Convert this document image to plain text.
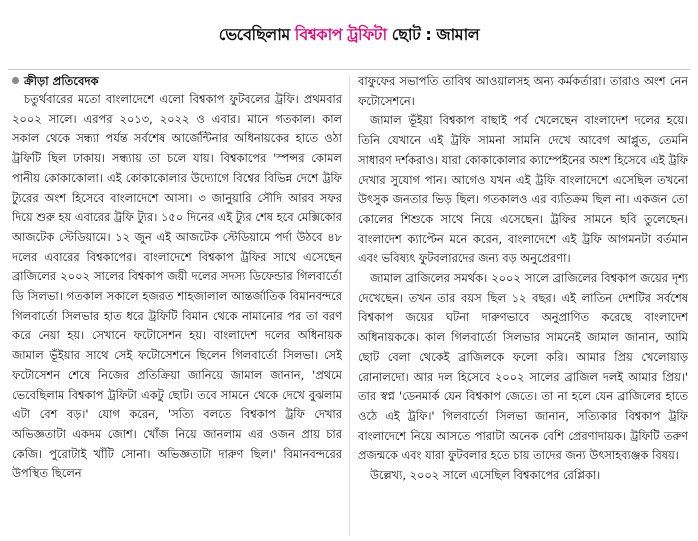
ভেবেছিলাম বিশ্বকাপ ট্রফিটা ছোট : জামাল
ক্রীড়া প্রতিবেদক

চতুর্থবারের মতো বাংলাদেশে এলো বিশ্বকাপ ফুটবলের ট্রফি। প্রথমবার ২০০২ সালে। এরপর ২০১৩, ২০২২ ও এবার। মানে গতকাল। কাল সকাল থেকে সন্ধ্যা পর্যন্ত সর্বশেষ আর্জেন্টিনার অধিনায়কের হাতে ওঠা ট্রফিটি ছিল ঢাকায়। সন্ধ্যায় তা চলে যায়। বিশ্বকাপের 'স্পন্সর কোমল পানীয় কোকাকোলা। এই কোকাকোলার উদ্যোগে বিশ্বের বিভিন্ন দেশে ট্রফি ট্যুরের অংশ হিসেবে বাংলাদেশে আসা। ৩ জানুয়ারি সৌদি আরব সফর দিয়ে শুরু হয় এবারের ট্রফি ট্যুর। ১৫০ দিনের এই ট্যুর শেষ হবে মেক্সিকোর আজটেক স্টেডিয়ামে। ১২ জুন এই আজটেক স্টেডিয়ামে পর্দা উঠবে ৪৮ দলের এবারের বিশ্বকাপের। বাংলাদেশে বিশ্বকাপ ট্রফির সাথে এসেছেন ব্রাজিলের ২০০২ সালের বিশ্বকাপ জয়ী দলের সদস্য ডিফেন্ডার গিলবার্তো ডি সিলভা। গতকাল সকালে হজরত শাহজালাল আন্তর্জাতিক বিমানবন্দরে গিলবার্তো সিলভার হাত ধরে ট্রফিটি বিমান থেকে নামানোর পর তা বরণ করে নেয়া হয়। সেখানে ফটোসেশন হয়। বাংলাদেশ দলের অধিনায়ক জামাল ভূঁইয়ার সাথে সেই ফটোসেশনে ছিলেন গিলবার্তো সিলভা। সেই ফটোসেশন শেষে নিজের প্রতিক্রিয়া জানিয়ে জামাল জানান, 'প্রথমে ভেবেছিলাম বিশ্বকাপ ট্রফিটা একটু ছোট। তবে সামনে থেকে দেখে বুঝলাম এটা বেশ বড়।' যোগ করেন, 'সত্যি বলতে বিশ্বকাপ ট্রফি দেখার অভিজ্ঞতাটা একদম জোশ। খোঁজ নিয়ে জানলাম এর ওজন প্রায় চার কেজি। পুরোটাই খাঁটি সোনা। অভিজ্ঞতাটা দারুণ ছিল।' বিমানবন্দরের উপস্থিত ছিলেন

বাফুফের সভাপতি তাবিথ আওয়ালসহ অন্য কর্মকর্তারা। তারাও অংশ নেন ফটোসেশনে।

জামাল ভূঁইয়া বিশ্বকাপ বাছাই পর্ব খেলেছেন বাংলাদেশ দলের হয়ে। তিনি যেখানে এই ট্রফি সামনা সামনি দেখে আবেগ আপ্লুত, তেমনি সাধারণ দর্শকরাও। যারা কোকাকোলার ক্যাম্পেইনের অংশ হিসেবে এই ট্রফি দেখার সুযোগ পান। আগেও যখন এই ট্রফি বাংলাদেশে এসেছিল তখনো উৎসুক জনতার ভিড় ছিল। গতকালও এর ব্যতিক্রম ছিল না। একজন তো কোলের শিশুকে সাথে নিয়ে এসেছেন। ট্রফির সামনে ছবি তুলেছেন। বাংলাদেশ ক্যাপ্টেন মনে করেন, বাংলাদেশে এই ট্রফি আগমনটা বর্তমান এবং ভবিষ্যৎ ফুটবলারদের জন্য বড় অনুপ্রেরণা।

জামাল ব্রাজিলের সমর্থক। ২০০২ সালে ব্রাজিলের বিশ্বকাপ জয়ের দৃশ্য দেখেছেন। তখন তার বয়স ছিল ১২ বছর। এই লাতিন দেশটির সর্বশেষ বিশ্বকাপ জয়ের ঘটনা দারুণভাবে অনুপ্রাণিত করেছে বাংলাদেশ অধিনায়ককে। কাল গিলবার্তো সিলভার সামনেই জামাল জানান, আমি ছোট বেলা থেকেই ব্রাজিলকে ফলো করি। আমার প্রিয় খেলোয়াড় রোনালদো। আর দল হিসেবে ২০০২ সালের ব্রাজিল দলই আমার প্রিয়।' তার স্বপ্ন 'ডেনমার্ক যেন বিশ্বকাপ জেতে। তা না হলে যেন ব্রাজিলের হাতে ওঠে এই ট্রফি।' গিলবার্তো সিলভা জানান, সত্যিকার বিশ্বকাপ ট্রফি বাংলাদেশে নিয়ে আসতে পারাটা অনেক বেশি প্রেরণাদায়ক। ট্রফিটি তরুণ প্রজন্মকে এবং যারা ফুটবলার হতে চায় তাদের জন্য উৎসাহব্যঞ্জক বিষয়।

উল্লেখ্য, ২০০২ সালে এসেছিল বিশ্বকাপের রেপ্লিকা।
